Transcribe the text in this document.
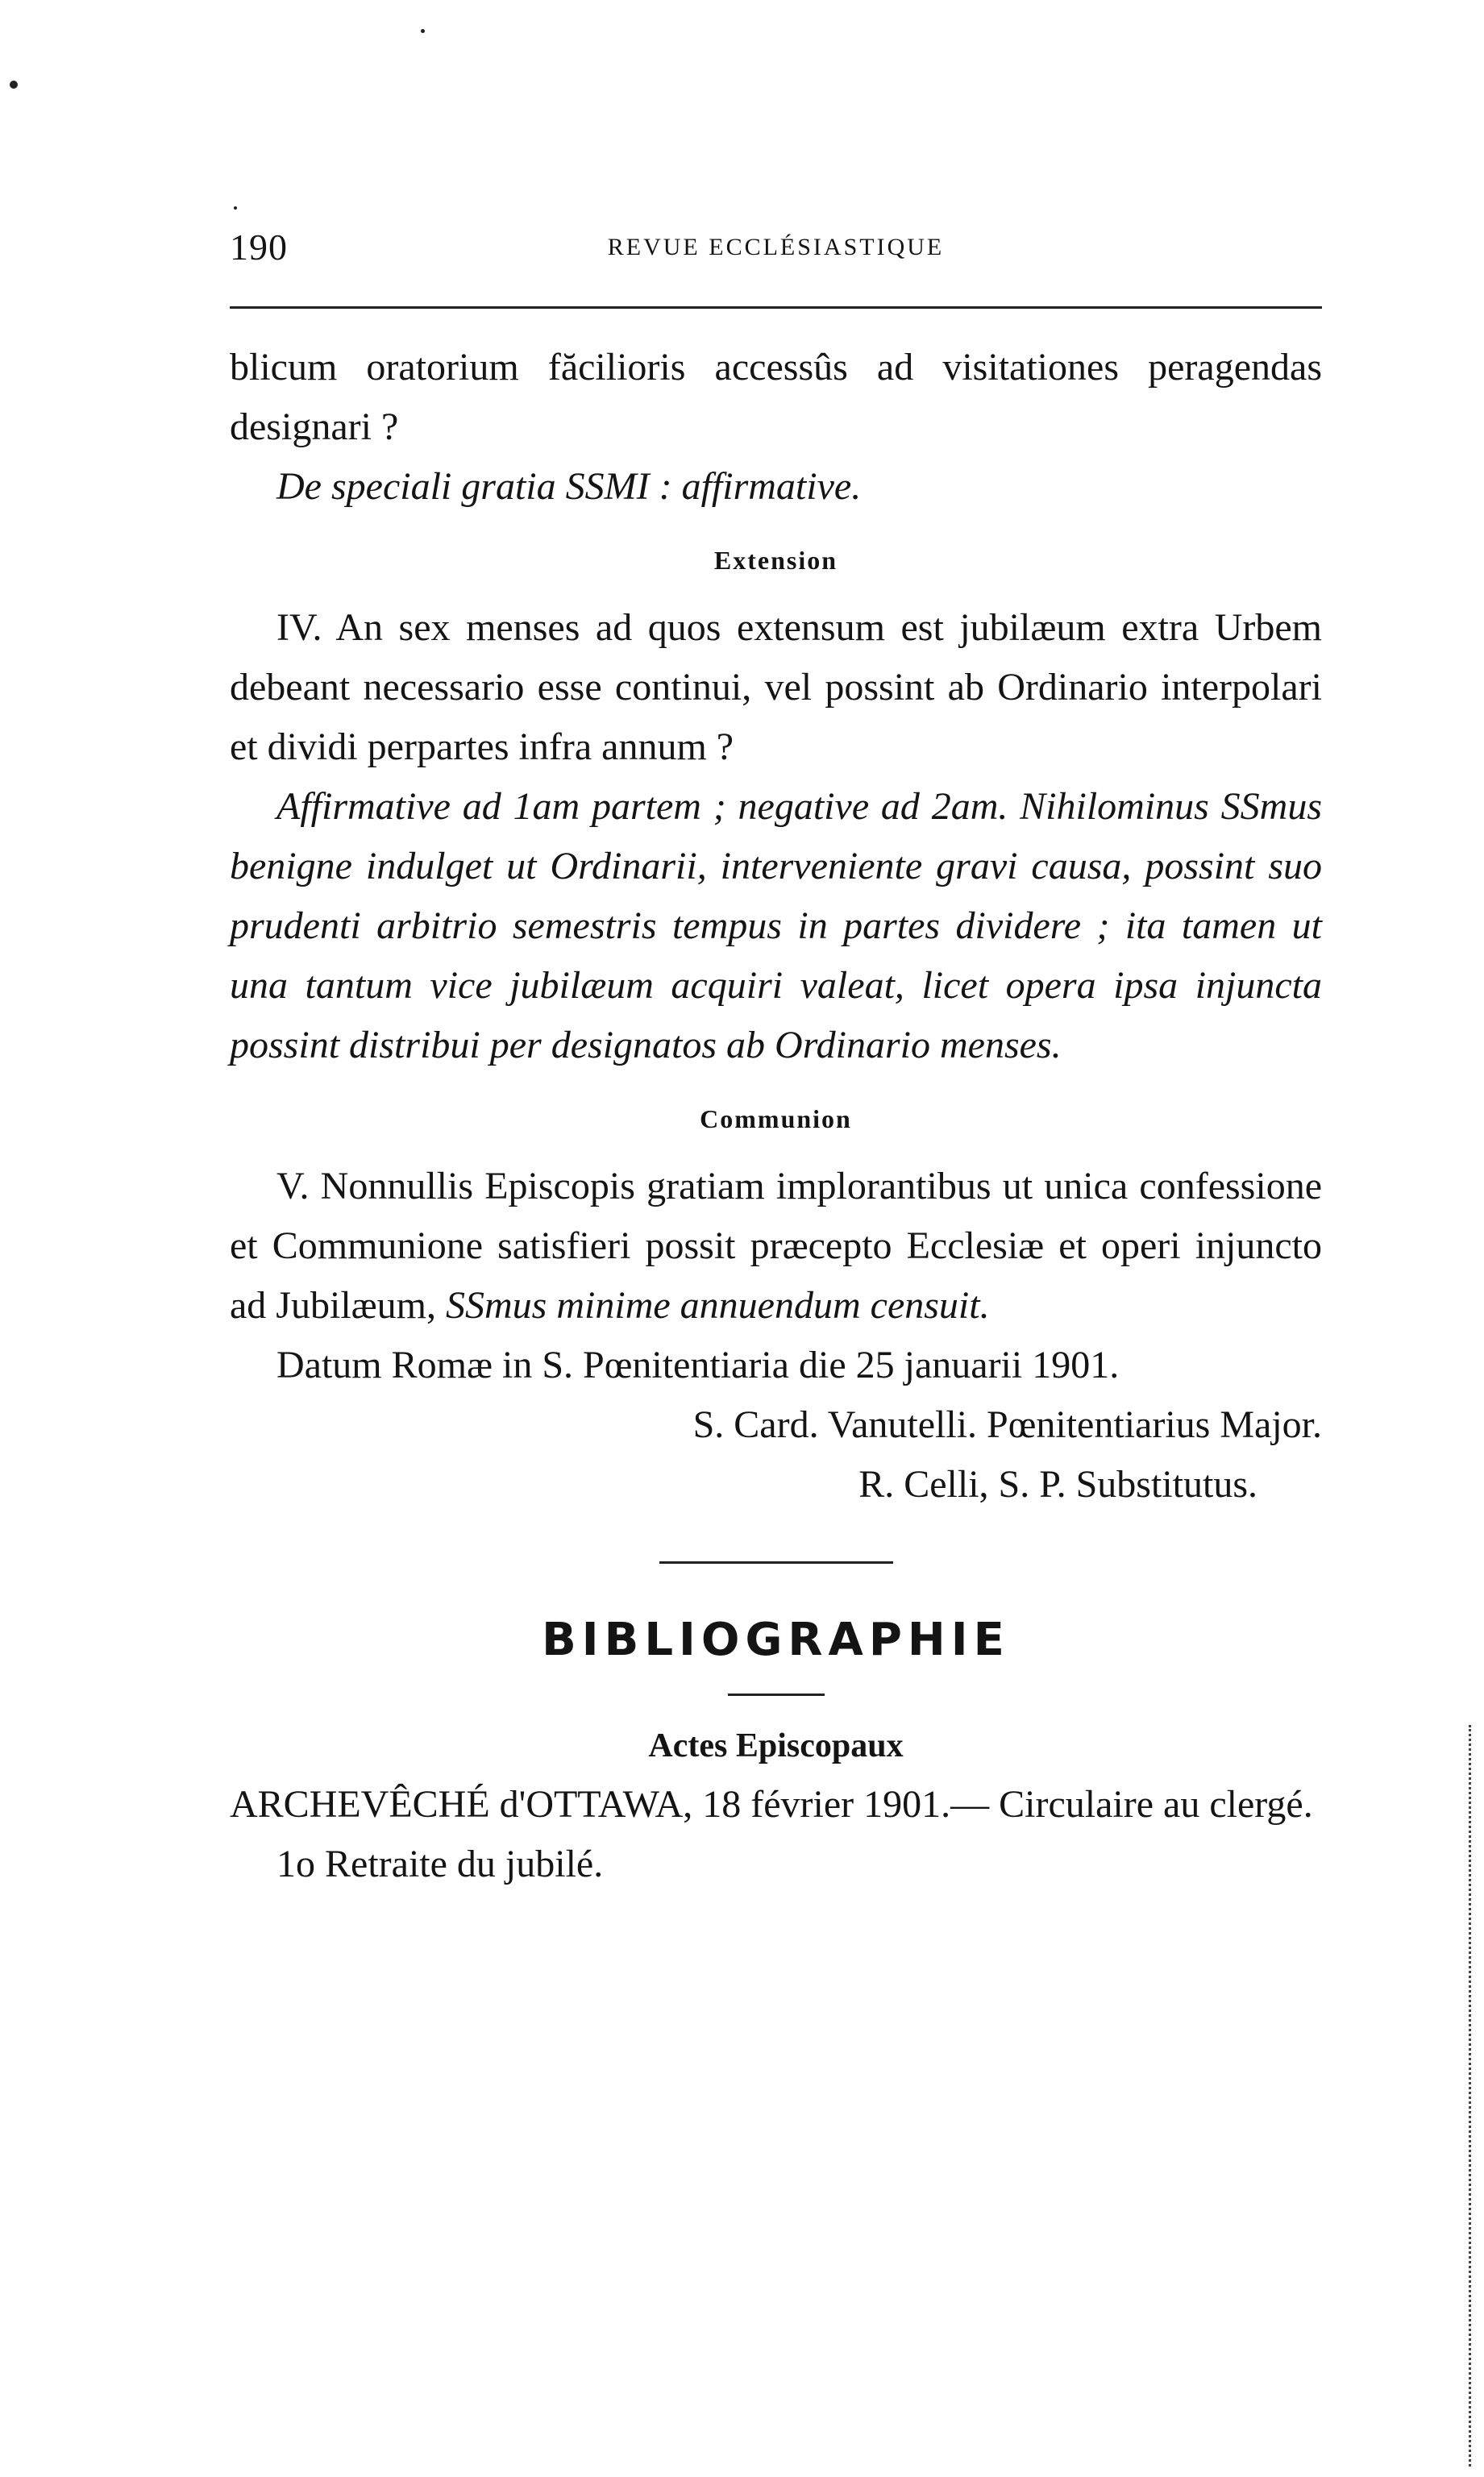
190	REVUE ECCLÉSIASTIQUE

blicum oratorium făcilioris accessûs ad visitationes peragendas designari ?

De speciali gratia SSMI : affirmative.

Extension

IV. An sex menses ad quos extensum est jubilæum extra Urbem debeant necessario esse continui, vel possint ab Ordinario interpolari et dividi perpartes infra annum ?

Affirmative ad 1am partem ; negative ad 2am. Nihilominus SSmus benigne indulget ut Ordinarii, interveniente gravi causa, possint suo prudenti arbitrio semestris tempus in partes dividere ; ita tamen ut una tantum vice jubilæum acquiri valeat, licet opera ipsa injuncta possint distribui per designatos ab Ordinario menses.

Communion

V. Nonnullis Episcopis gratiam implorantibus ut unica confessione et Communione satisfieri possit præcepto Ecclesiæ et operi injuncto ad Jubilæum, SSmus minime annuendum censuit.

Datum Romæ in S. Pœnitentiaria die 25 januarii 1901.

S. Card. Vanutelli. Pœnitentiarius Major.
R. Celli, S. P. Substitutus.
BIBLIOGRAPHIE
Actes Episcopaux

ARCHEVÊCHÉ d'OTTAWA, 18 février 1901.— Circulaire au clergé.

1o Retraite du jubilé.
